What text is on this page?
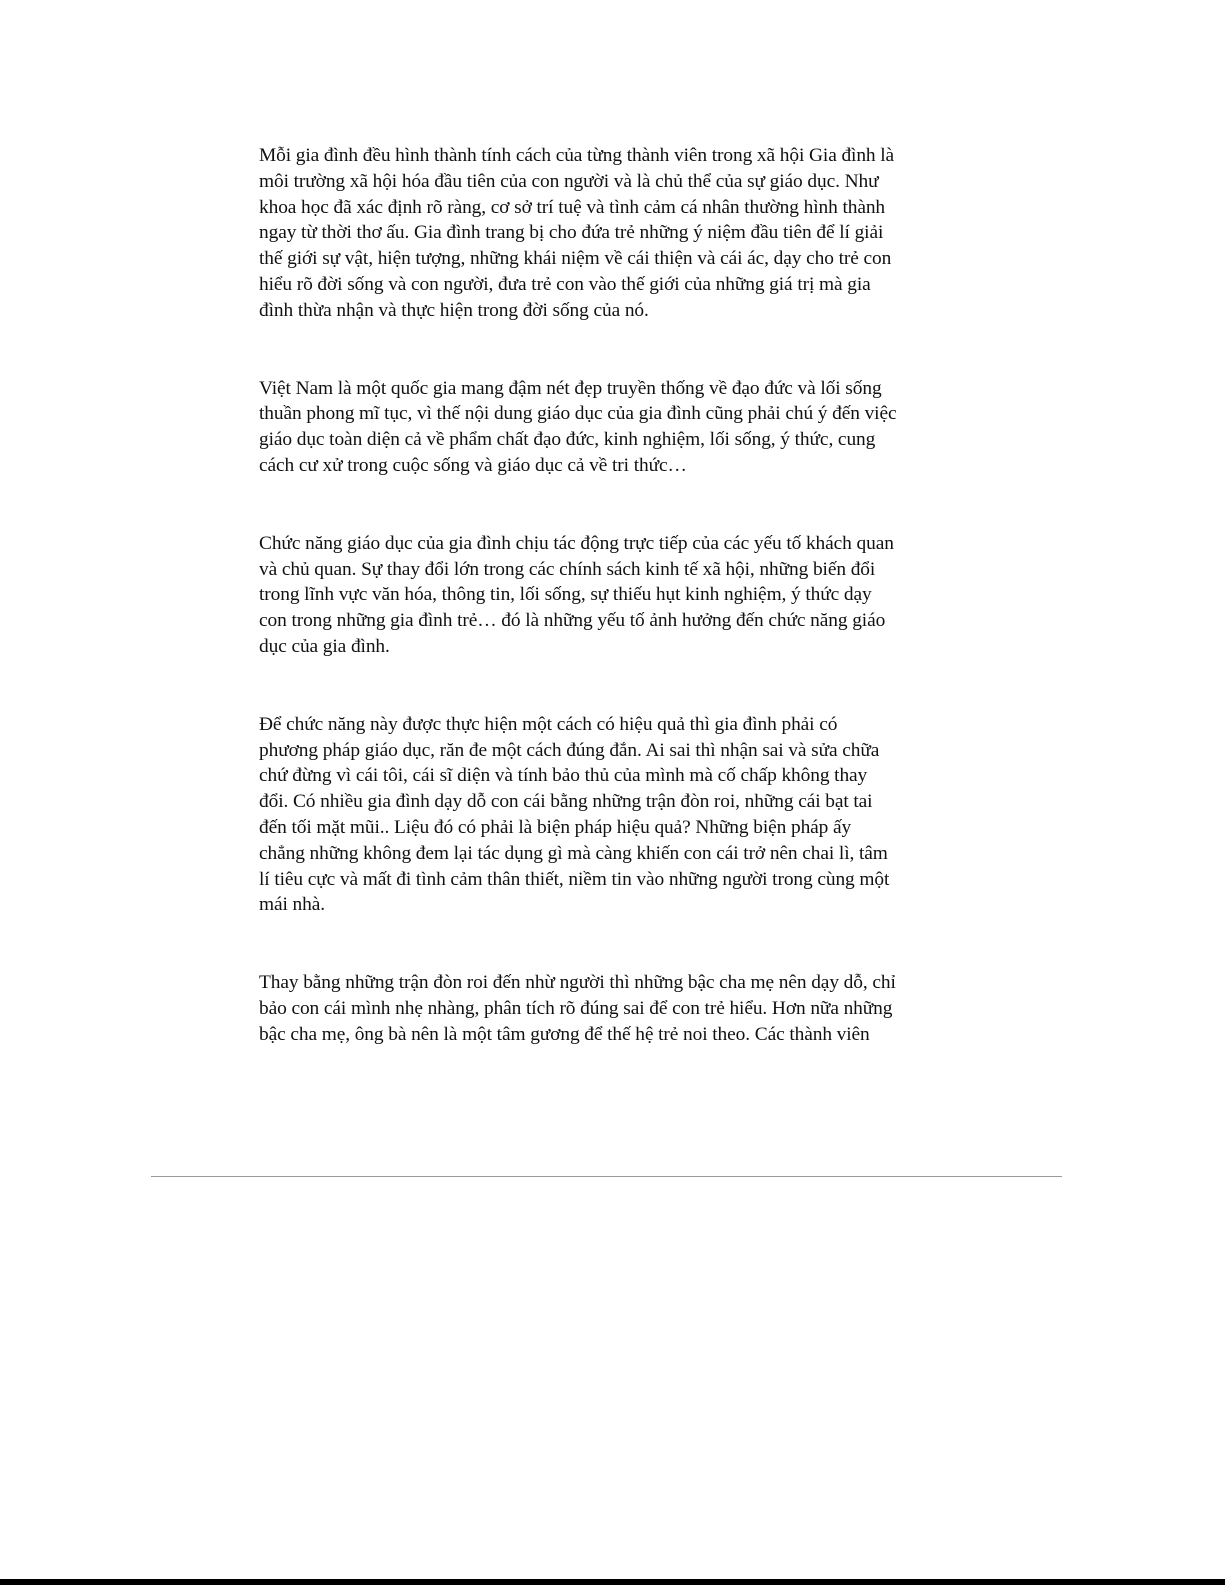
Mỗi gia đình đều hình thành tính cách của từng thành viên trong xã hội Gia đình là
môi trường xã hội hóa đầu tiên của con người và là chủ thể của sự giáo dục. Như
khoa học đã xác định rõ ràng, cơ sở trí tuệ và tình cảm cá nhân thường hình thành
ngay từ thời thơ ấu. Gia đình trang bị cho đứa trẻ những ý niệm đầu tiên để lí giải
thế giới sự vật, hiện tượng, những khái niệm về cái thiện và cái ác, dạy cho trẻ con
hiểu rõ đời sống và con người, đưa trẻ con vào thế giới của những giá trị mà gia
đình thừa nhận và thực hiện trong đời sống của nó.

Việt Nam là một quốc gia mang đậm nét đẹp truyền thống về đạo đức và lối sống
thuần phong mĩ tục, vì thế nội dung giáo dục của gia đình cũng phải chú ý đến việc
giáo dục toàn diện cả về phẩm chất đạo đức, kinh nghiệm, lối sống, ý thức, cung
cách cư xử trong cuộc sống và giáo dục cả về tri thức…

Chức năng giáo dục của gia đình chịu tác động trực tiếp của các yếu tố khách quan
và chủ quan. Sự thay đổi lớn trong các chính sách kinh tế xã hội, những biến đổi
trong lĩnh vực văn hóa, thông tin, lối sống, sự thiếu hụt kinh nghiệm, ý thức dạy
con trong những gia đình trẻ… đó là những yếu tố ảnh hưởng đến chức năng giáo
dục của gia đình.

Để chức năng này được thực hiện một cách có hiệu quả thì gia đình phải có
phương pháp giáo dục, răn đe một cách đúng đắn. Ai sai thì nhận sai và sửa chữa
chứ đừng vì cái tôi, cái sĩ diện và tính bảo thủ của mình mà cố chấp không thay
đổi. Có nhiều gia đình dạy dỗ con cái bằng những trận đòn roi, những cái bạt tai
đến tối mặt mũi.. Liệu đó có phải là biện pháp hiệu quả? Những biện pháp ấy
chẳng những không đem lại tác dụng gì mà càng khiến con cái trở nên chai lì, tâm
lí tiêu cực và mất đi tình cảm thân thiết, niềm tin vào những người trong cùng một
mái nhà.

Thay bằng những trận đòn roi đến nhừ người thì những bậc cha mẹ nên dạy dỗ, chỉ
bảo con cái mình nhẹ nhàng, phân tích rõ đúng sai để con trẻ hiểu. Hơn nữa những
bậc cha mẹ, ông bà nên là một tâm gương để thế hệ trẻ noi theo. Các thành viên
